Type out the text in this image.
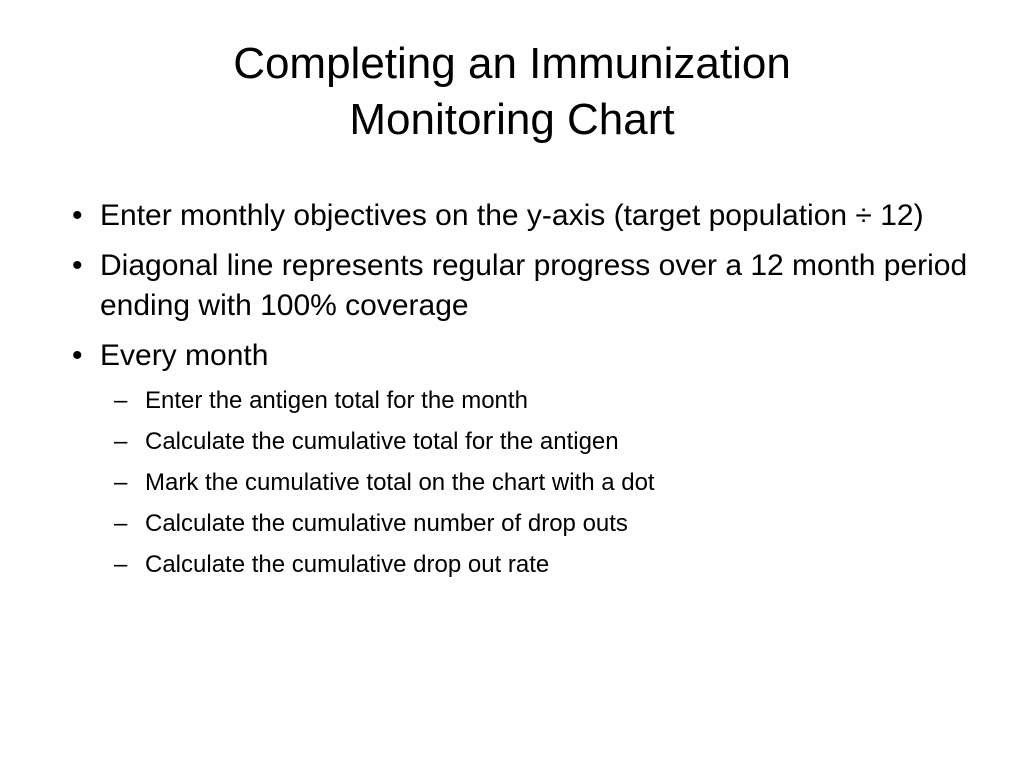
Completing an Immunization
Monitoring Chart
• Enter monthly objectives on the y-axis (target population ÷ 12)
• Diagonal line represents regular progress over a 12 month period ending with 100% coverage
• Every month
– Enter the antigen total for the month
– Calculate the cumulative total for the antigen
– Mark the cumulative total on the chart with a dot
– Calculate the cumulative number of drop outs
– Calculate the cumulative drop out rate
